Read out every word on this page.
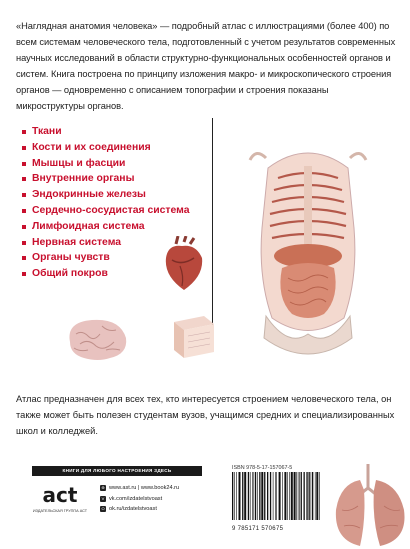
«Наглядная анатомия человека» — подробный атлас с иллюстрациями (более 400) по всем системам человеческого тела, подготовленный с учетом результатов современных научных исследований в области структурно-функциональных особенностей органов и систем. Книга построена по принципу изложения макро- и микроскопического строения органов — одновременно с описанием топографии и строения показаны микроструктуры органов.
Ткани
Кости и их соединения
Мышцы и фасции
Внутренние органы
Эндокринные железы
Сердечно-сосудистая система
Лимфоидная система
Нервная система
Органы чувств
Общий покров
Атлас предназначен для всех тех, кто интересуется строением человеческого тела, он также может быть полезен студентам вузов, учащимся средних и специализированных школ и колледжей.
КНИГИ ДЛЯ ЛЮБОГО НАСТРОЕНИЯ ЗДЕСЬ
act
ИЗДАТЕЛЬСКАЯ ГРУППА АСТ
⊕ www.ast.ru | www.book24.ru
V vk.com/izdatelstvoast
O ok.ru/izdatelstvoast
ISBN 978-5-17-157067-5
9 785171 570675
